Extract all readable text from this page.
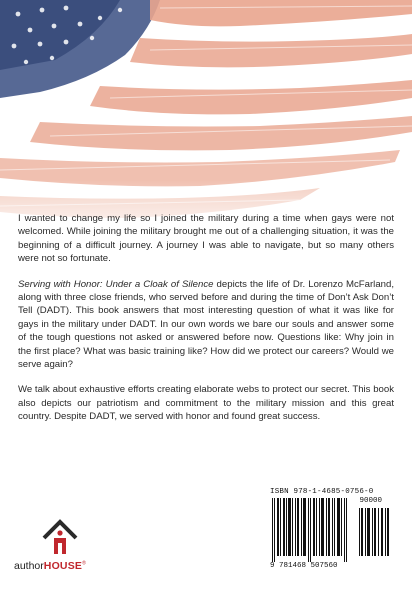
I wanted to change my life so I joined the military during a time when gays were not welcomed. While joining the military brought me out of a challenging situation, it was the beginning of a difficult journey. A journey I was able to navigate, but so many others were not so fortunate.

Serving with Honor: Under a Cloak of Silence depicts the life of Dr. Lorenzo McFarland, along with three close friends, who served before and during the time of Don’t Ask Don’t Tell (DADT). This book answers that most interesting question of what it was like for gays in the military under DADT. In our own words we bare our souls and answer some of the tough questions not asked or answered before now. Questions like: Why join in the first place? What was basic training like? How did we protect our careers? Would we serve again?

We talk about exhaustive efforts creating elaborate webs to protect our secret. This book also depicts our patriotism and commitment to the military mission and this great country. Despite DADT, we served with honor and found great success.

ISBN 978-1-4685-0756-0
90000
9 781468 507560
authorHOUSE®
